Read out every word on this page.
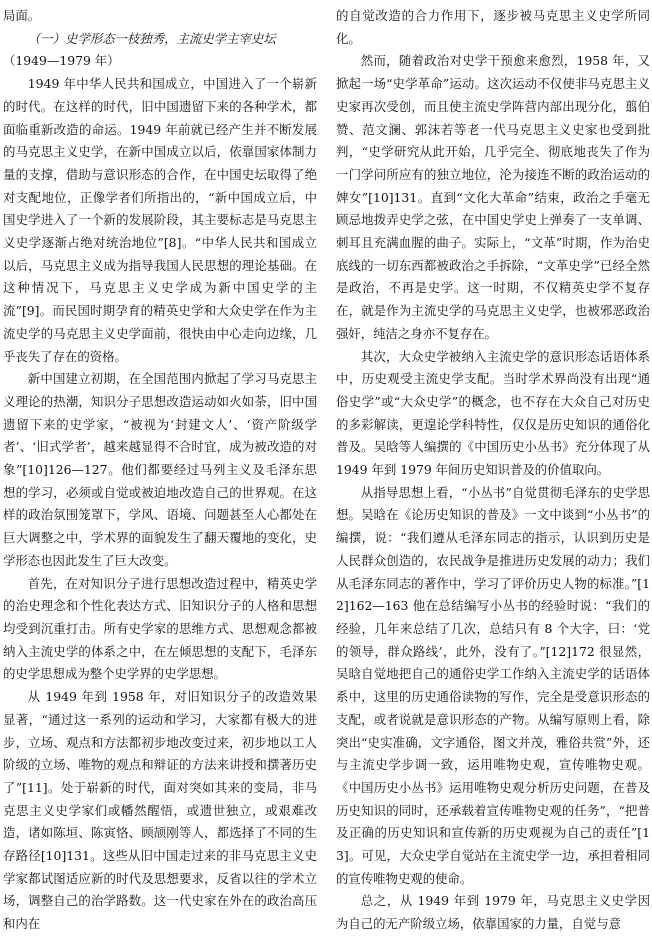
局面。

（一）史学形态一枝独秀，主流史学主宰史坛

（1949—1979 年）

1949 年中华人民共和国成立，中国进入了一个崭新的时代。在这样的时代，旧中国遗留下来的各种学术，都面临重新改造的命运。1949 年前就已经产生并不断发展的马克思主义史学，在新中国成立以后，依靠国家体制力量的支撑，借助与意识形态的合作，在中国史坛取得了绝对支配地位，正像学者们所指出的，“新中国成立后，中国史学进入了一个新的发展阶段，其主要标志是马克思主义史学逐渐占绝对统治地位”[8]。“中华人民共和国成立以后，马克思主义成为指导我国人民思想的理论基础。在这种情况下，马克思主义史学成为新中国史学的主流”[9]。而民国时期孕育的精英史学和大众史学在作为主流史学的马克思主义史学面前，很快由中心走向边缘，几乎丧失了存在的资格。

新中国建立初期，在全国范围内掀起了学习马克思主义理论的热潮，知识分子思想改造运动如火如荼，旧中国遗留下来的史学家，“被视为‘封建文人’、‘资产阶级学者’、‘旧式学者’，越来越显得不合时宜，成为被改造的对象”[10]126—127。他们都要经过马列主义及毛泽东思想的学习，必须或自觉或被迫地改造自己的世界观。在这样的政治氛围笼罩下，学风、语境、问题甚至人心都处在巨大调整之中，学术界的面貌发生了翻天覆地的变化，史学形态也因此发生了巨大改变。

首先，在对知识分子进行思想改造过程中，精英史学的治史理念和个性化表达方式、旧知识分子的人格和思想均受到沉重打击。所有史学家的思维方式、思想观念都被纳入主流史学的体系之中，在左倾思想的支配下，毛泽东的史学思想成为整个史学界的史学思想。

从 1949 年到 1958 年，对旧知识分子的改造效果显著，“通过这一系列的运动和学习，大家都有极大的进步，立场、观点和方法都初步地改变过来，初步地以工人阶级的立场、唯物的观点和辩证的方法来讲授和撰著历史了”[11]。处于崭新的时代，面对突如其来的变局，非马克思主义史学家们或幡然醒悟，或遗世独立，或艰难改造，诸如陈垣、陈寅恪、顾颉刚等人，都选择了不同的生存路径[10]131。这些从旧中国走过来的非马克思主义史学家都试图适应新的时代及思想要求，反省以往的学术立场，调整自己的治学路数。这一代史家在外在的政治高压和内在

的自觉改造的合力作用下，逐步被马克思主义史学所同化。

然而，随着政治对史学干预愈来愈烈，1958 年，又掀起一场“史学革命”运动。这次运动不仅使非马克思主义史家再次受创，而且使主流史学阵营内部出现分化，翦伯赞、范文澜、郭沫若等老一代马克思主义史家也受到批判，“史学研究从此开始，几乎完全、彻底地丧失了作为一门学问所应有的独立地位，沦为接连不断的政治运动的婢女”[10]131。直到“文化大革命”结束，政治之手毫无顾忌地拨弄史学之弦，在中国史学史上弹奏了一支单调、刺耳且充满血腥的曲子。实际上，“文革”时期，作为治史底线的一切东西都被政治之手拆除，“文革史学”已经全然是政治，不再是史学。这一时期，不仅精英史学不复存在，就是作为主流史学的马克思主义史学，也被邪恶政治强奸，纯洁之身亦不复存在。

其次，大众史学被纳入主流史学的意识形态话语体系中，历史观受主流史学支配。当时学术界尚没有出现“通俗史学”或“大众史学”的概念，也不存在大众自己对历史的多彩解读，更遑论学科特性，仅仅是历史知识的通俗化普及。吴晗等人编撰的《中国历史小丛书》充分体现了从 1949 年到 1979 年间历史知识普及的价值取向。

从指导思想上看，“小丛书”自觉贯彻毛泽东的史学思想。吴晗在《论历史知识的普及》一文中谈到“小丛书”的编撰，说：“我们遵从毛泽东同志的指示，认识到历史是人民群众创造的，农民战争是推进历史发展的动力；我们从毛泽东同志的著作中，学习了评价历史人物的标准。”[12]162—163 他在总结编写小丛书的经验时说：“我们的经验，几年来总结了几次，总结只有 8 个大字，曰：‘党的领导，群众路线’，此外，没有了。”[12]172 很显然，吴晗自觉地把自己的通俗史学工作纳入主流史学的话语体系中，这里的历史通俗读物的写作，完全是受意识形态的支配，或者说就是意识形态的产物。从编写原则上看，除突出“史实准确，文字通俗，图文并茂，雅俗共赏”外，还与主流史学步调一致，运用唯物史观，宣传唯物史观。《中国历史小丛书》运用唯物史观分析历史问题，在普及历史知识的同时，还承载着宣传唯物史观的任务”，“把普及正确的历史知识和宣传新的历史观视为自己的责任”[13]。可见，大众史学自觉站在主流史学一边，承担着相同的宣传唯物史观的使命。

总之，从 1949 年到 1979 年，马克思主义史学因为自己的无产阶级立场，依靠国家的力量，自觉与意
